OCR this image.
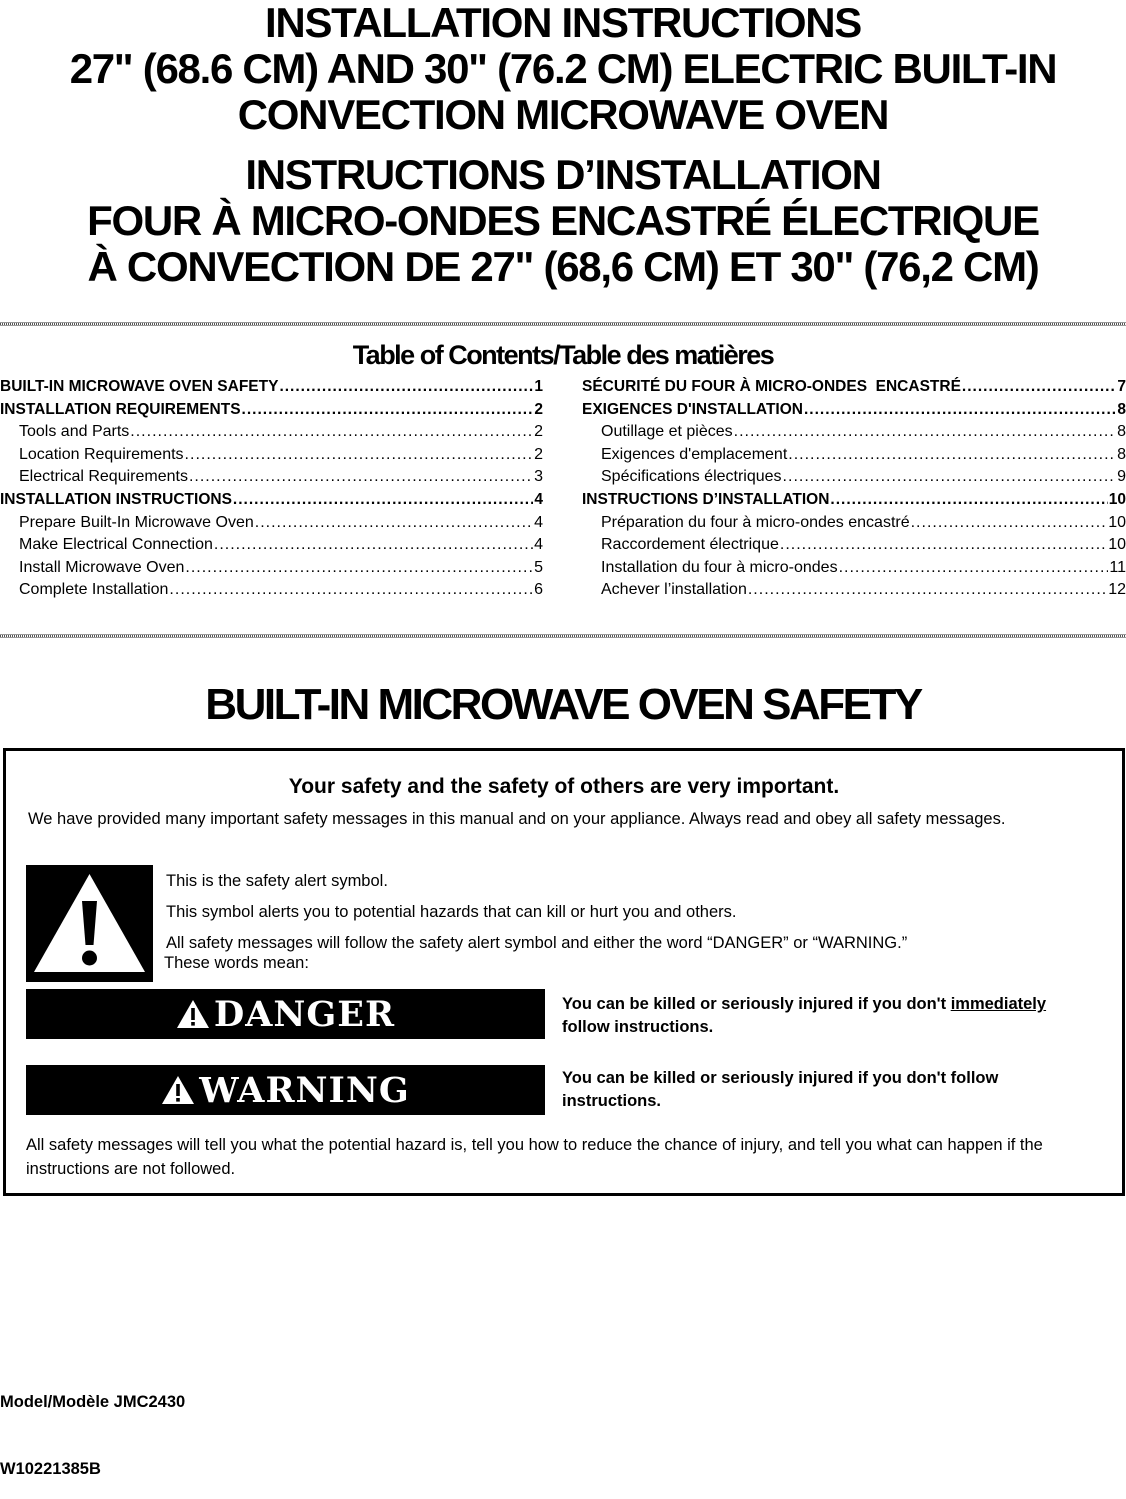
INSTALLATION INSTRUCTIONS
27" (68.6 CM) AND 30" (76.2 CM) ELECTRIC BUILT-IN
CONVECTION MICROWAVE OVEN
INSTRUCTIONS D’INSTALLATION
FOUR À MICRO-ONDES ENCASTRÉ ÉLECTRIQUE
À CONVECTION DE 27" (68,6 CM) ET 30" (76,2 CM)
Table of Contents/Table des matières
BUILT-IN MICROWAVE OVEN SAFETY .....	1
INSTALLATION REQUIREMENTS .....	2
Tools and Parts .....	2
Location Requirements .....	2
Electrical Requirements .....	3
INSTALLATION INSTRUCTIONS .....	4
Prepare Built-In Microwave Oven .....	4
Make Electrical Connection .....	4
Install Microwave Oven .....	5
Complete Installation .....	6
SÉCURITÉ DU FOUR À MICRO-ONDES  ENCASTRÉ .....	7
EXIGENCES D'INSTALLATION .....	8
Outillage et pièces .....	8
Exigences d'emplacement .....	8
Spécifications électriques .....	9
INSTRUCTIONS D’INSTALLATION .....	10
Préparation du four à micro-ondes encastré .....	10
Raccordement électrique .....	10
Installation du four à micro-ondes .....	11
Achever l’installation .....	12
BUILT-IN MICROWAVE OVEN SAFETY
Your safety and the safety of others are very important.
We have provided many important safety messages in this manual and on your appliance. Always read and obey all safety messages.
This is the safety alert symbol.
This symbol alerts you to potential hazards that can kill or hurt you and others.
All safety messages will follow the safety alert symbol and either the word “DANGER” or “WARNING.”
These words mean:
DANGER	You can be killed or seriously injured if you don't immediately
follow instructions.
WARNING	You can be killed or seriously injured if you don't follow instructions.
All safety messages will tell you what the potential hazard is, tell you how to reduce the chance of injury, and tell you what can happen if the instructions are not followed.
Model/Modèle JMC2430
W10221385B
